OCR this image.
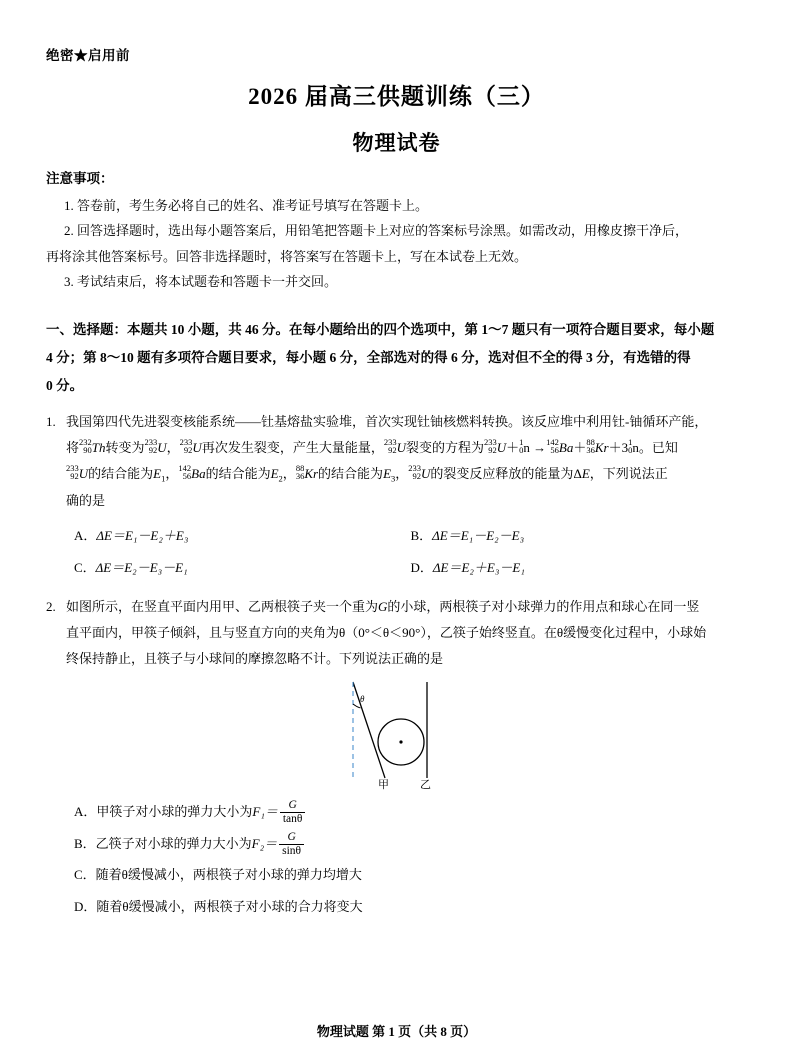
绝密★启用前
2026 届高三供题训练（三）
物理试卷
注意事项：
1. 答卷前，考生务必将自己的姓名、准考证号填写在答题卡上。
2. 回答选择题时，选出每小题答案后，用铅笔把答题卡上对应的答案标号涂黑。如需改动，用橡皮擦干净后，
再将涂其他答案标号。回答非选择题时，将答案写在答题卡上，写在本试卷上无效。
3. 考试结束后，将本试题卷和答题卡一并交回。
一、选择题：本题共 10 小题，共 46 分。在每小题给出的四个选项中，第 1～7 题只有一项符合题目要求，每小题
4 分；第 8～10 题有多项符合题目要求，每小题 6 分，全部选对的得 6 分，选对但不全的得 3 分，有选错的得
0 分。
1. 我国第四代先进裂变核能系统——钍基熔盐实验堆，首次实现钍铀核燃料转换。该反应堆中利用钍-铀循环产能，
将 232
90 Th转变为 233
92 U， 233
92 U再次发生裂变，产生大量能量， 233
92 U裂变的方程为 233
92 U＋ 1
0 n → 142
56 Ba＋ 88
36 Kr＋3 1
0 n。已知
233
92 U的结合能为$E_1$， 142
56 Ba的结合能为$E_2$， 88
36 Kr的结合能为$E_3$， 233
92 U的裂变反应释放的能量为ΔE，下列说法正
确的是
A．ΔE＝E₁－E₂＋E₃	B．ΔE＝E₁－E₂－E₃
C．ΔE＝E₂－E₃－E₁	D．ΔE＝E₂＋E₃－E₁
2. 如图所示，在竖直平面内用甲、乙两根筷子夹一个重为G的小球，两根筷子对小球弹力的作用点和球心在同一竖
直平面内，甲筷子倾斜，且与竖直方向的夹角为θ（0°＜θ＜90°），乙筷子始终竖直。在θ缓慢变化过程中，小球始
终保持静止，且筷子与小球间的摩擦忽略不计。下列说法正确的是
θ
甲	乙
A．甲筷子对小球的弹力大小为$F_1= \frac{G}{\tan\theta}$
B．乙筷子对小球的弹力大小为$F_2= \frac{G}{\sin\theta}$
C．随着θ缓慢减小，两根筷子对小球的弹力均增大
D．随着θ缓慢减小，两根筷子对小球的合力将变大
物理试题 第 1 页（共 8 页）
